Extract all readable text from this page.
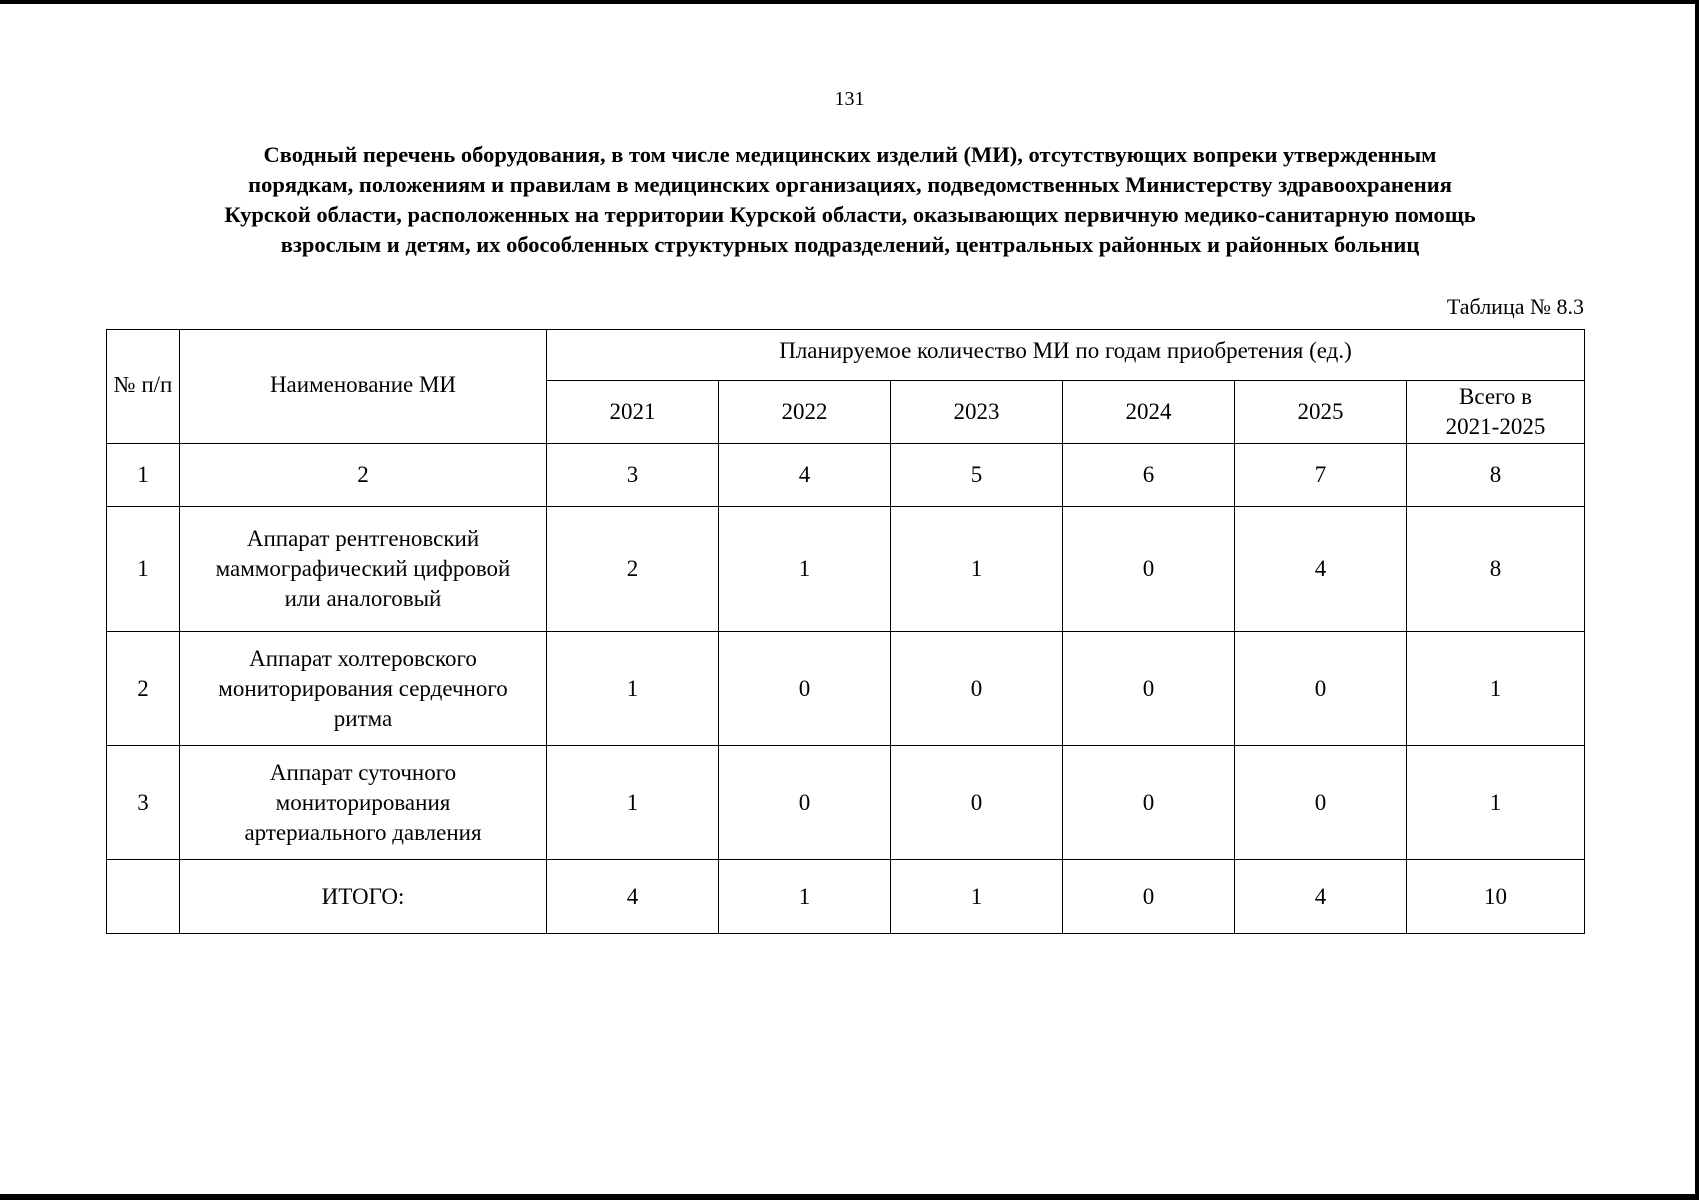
131
Сводный перечень оборудования, в том числе медицинских изделий (МИ), отсутствующих вопреки утвержденным
порядкам, положениям и правилам в медицинских организациях, подведомственных Министерству здравоохранения
Курской области, расположенных на территории Курской области, оказывающих первичную медико-санитарную помощь
взрослым и детям, их обособленных структурных подразделений, центральных районных и районных больниц
Таблица № 8.3
№ п/п	Наименование МИ	Планируемое количество МИ по годам приобретения (ед.)					
		2021	2022	2023	2024	2025	Всего в
2021-2025

1	2	3	4	5	6	7	8
1	Аппарат рентгеновский
маммографический цифровой
или аналоговый	2	1	1	0	4	8
2	Аппарат холтеровского
мониторирования сердечного
ритма	1	0	0	0	0	1
3	Аппарат суточного
мониторирования
артериального давления	1	0	0	0	0	1
	ИТОГО:	4	1	1	0	4	10
